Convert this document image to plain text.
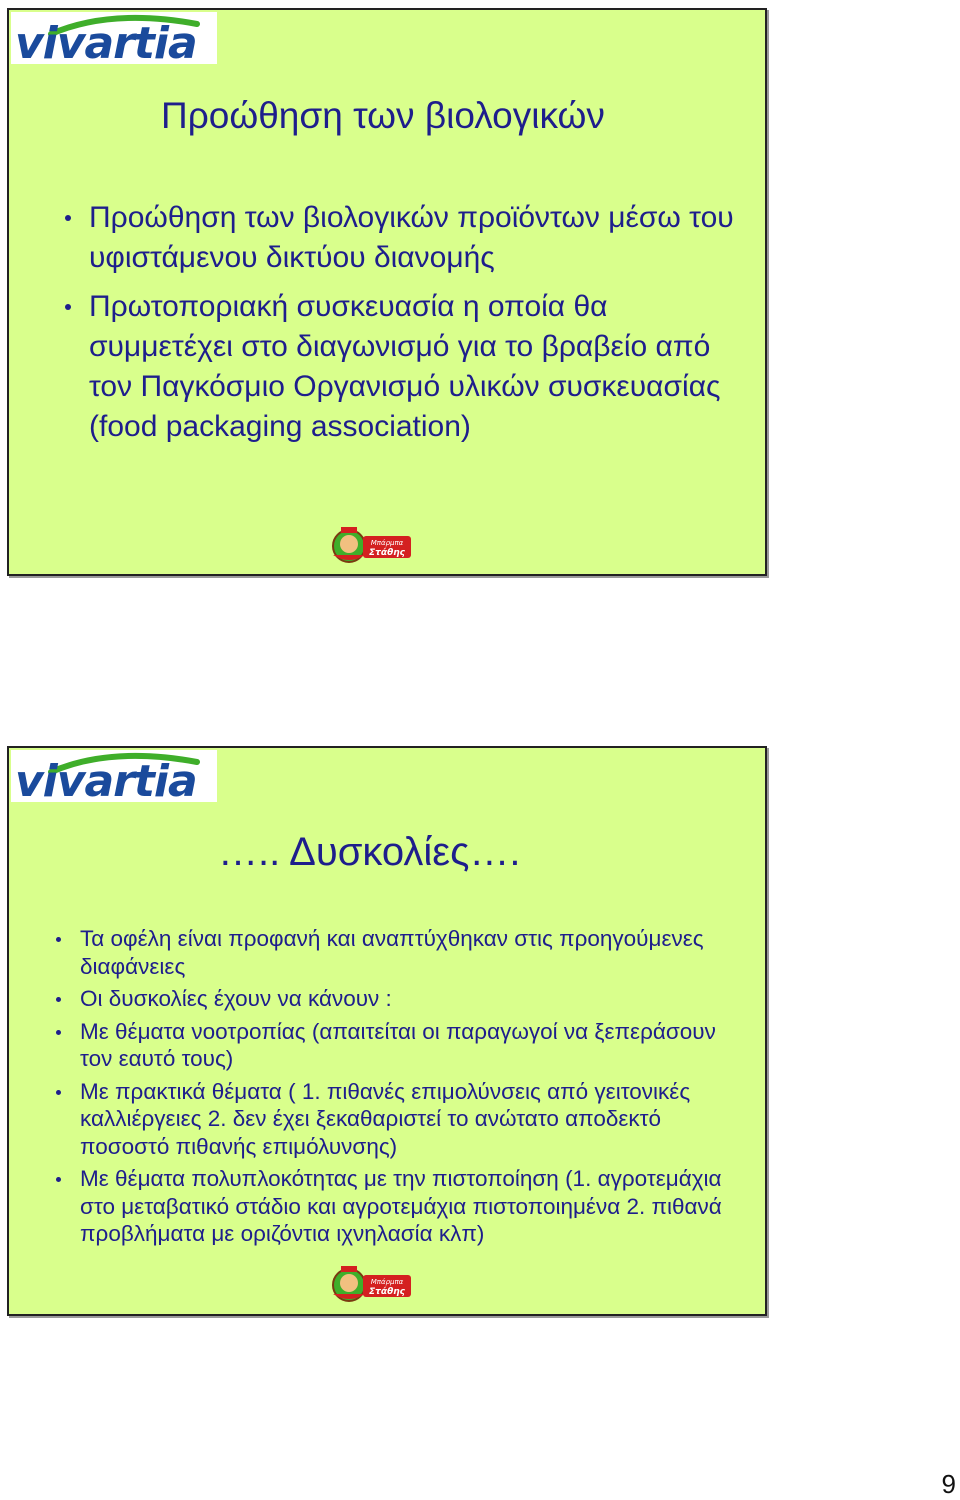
vivartia
Προώθηση των βιολογικών
Προώθηση των βιολογικών προϊόντων μέσω του υφιστάμενου δικτύου διανομής
Πρωτοποριακή συσκευασία η οποία θα συμμετέχει στο διαγωνισμό για το βραβείο από τον Παγκόσμιο Οργανισμό υλικών συσκευασίας (food packaging association)
vivartia
….. Δυσκολίες….
Τα οφέλη είναι προφανή και αναπτύχθηκαν στις προηγούμενες διαφάνειες
Οι δυσκολίες έχουν να κάνουν :
Με θέματα νοοτροπίας (απαιτείται οι παραγωγοί να ξεπεράσουν τον εαυτό τους)
Με πρακτικά θέματα ( 1. πιθανές επιμολύνσεις από γειτονικές καλλιέργειες 2. δεν έχει ξεκαθαριστεί το ανώτατο αποδεκτό ποσοστό πιθανής επιμόλυνσης)
Με θέματα πολυπλοκότητας με την πιστοποίηση (1. αγροτεμάχια στο μεταβατικό στάδιο και αγροτεμάχια πιστοποιημένα 2. πιθανά προβλήματα με οριζόντια ιχνηλασία κλπ)
Μπάρμπα
Στάθης
Μπάρμπα
Στάθης
9
